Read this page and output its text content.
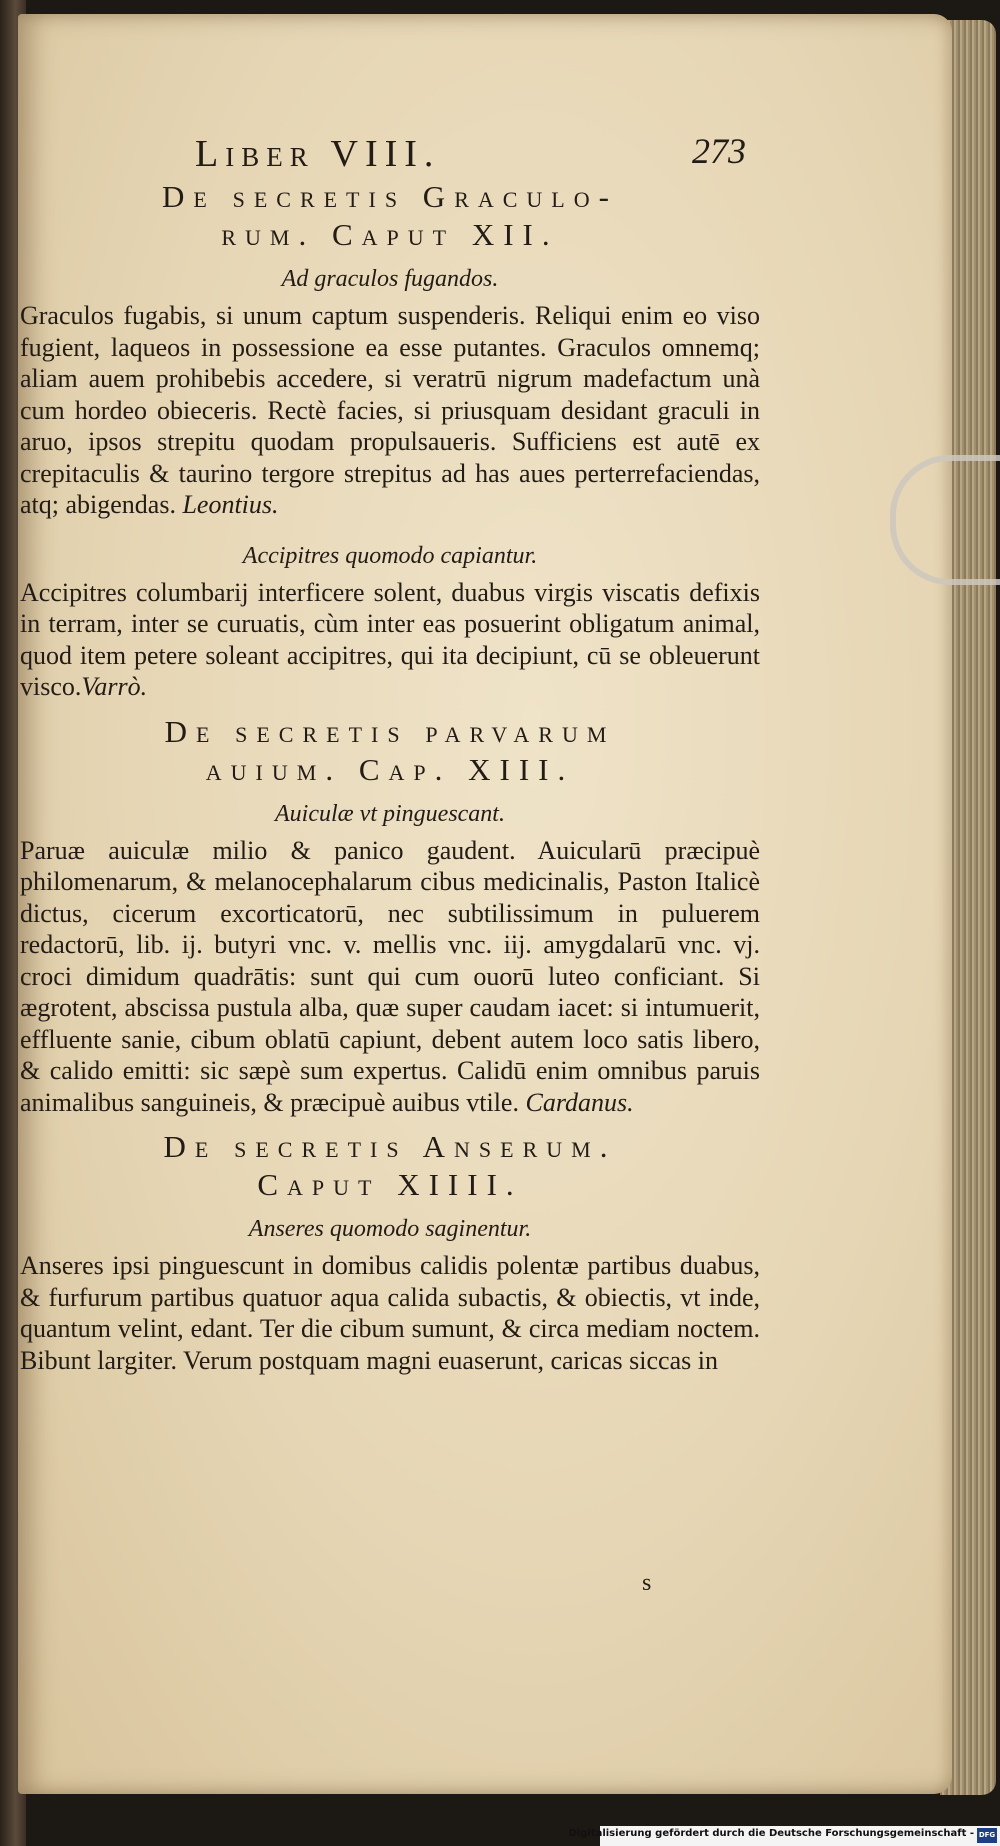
Liber VIII.	273
De secretis Graculo-
rum. Caput XII.
Ad graculos fugandos.
Graculos fugabis, si unum captum suspenderis. Reliqui enim eo viso fugient, laqueos in possessione ea esse putantes. Graculos omnemq; aliam auem prohibebis accedere, si veratrū nigrum madefactum unà cum hordeo obieceris. Rectè facies, si priusquam desidant graculi in aruo, ipsos strepitu quodam propulsaueris. Sufficiens est autē ex crepitaculis & taurino tergore strepitus ad has aues perterrefaciendas, atq; abigendas. Leontius.
Accipitres quomodo capiantur.
Accipitres columbarij interficere solent, duabus virgis viscatis defixis in terram, inter se curuatis, cùm inter eas posuerint obligatum animal, quod item petere soleant accipitres, qui ita decipiunt, cū se obleuerunt visco.Varrò.
De secretis parvarum
auium. Cap. XIII.
Auiculæ vt pinguescant.
Paruæ auiculæ milio & panico gaudent. Auicularū præcipuè philomenarum, & melanocephalarum cibus medicinalis, Paston Italicè dictus, cicerum excorticatorū, nec subtilissimum in puluerem redactorū, lib. ij. butyri vnc. v. mellis vnc. iij. amygdalarū vnc. vj. croci dimidum quadrātis: sunt qui cum ouorū luteo conficiant. Si ægrotent, abscissa pustula alba, quæ super caudam iacet: si intumuerit, effluente sanie, cibum oblatū capiunt, debent autem loco satis libero, & calido emitti: sic sæpè sum expertus. Calidū enim omnibus paruis animalibus sanguineis, & præcipuè auibus vtile. Cardanus.
De secretis Anserum.
Caput XIIII.
Anseres quomodo saginentur.
Anseres ipsi pinguescunt in domibus calidis polentæ partibus duabus, & furfurum partibus quatuor aqua calida subactis, & obiectis, vt inde, quantum velint, edant. Ter die cibum sumunt, & circa mediam noctem. Bibunt largiter. Verum postquam magni euaserunt, caricas siccas in
s
Digitalisierung gefördert durch die Deutsche Forschungsgemeinschaft - DFG
